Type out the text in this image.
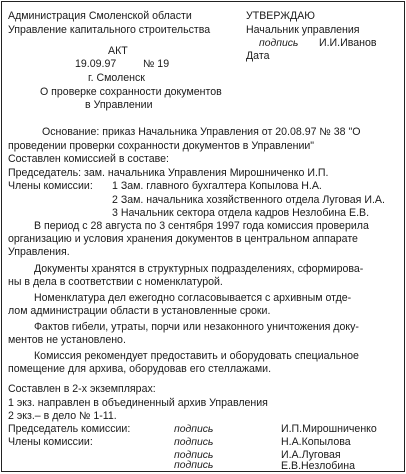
Администрация Смоленской области
Управление капитального строительства
УТВЕРЖДАЮ
Начальник управления
подпись И.И.Иванов
Дата
АКТ
19.09.97	№ 19
г. Смоленск
О проверке сохранности документов
в Управлении
Основание: приказ Начальника Управления от 20.08.97 № 38 "О
проведении проверки сохранности документов в Управлении"
Составлен комиссией в составе:
Председатель: зам. начальника Управления Мирошниченко И.П.
Члены комиссии: 1 Зам. главного бухгалтера Копылова Н.А.
2 Зам. начальника хозяйственного отдела Луговая И.А.
3 Начальник сектора отдела кадров Незлобина Е.В.
В период с 28 августа по 3 сентября 1997 года комиссия проверила
организацию и условия хранения документов в центральном аппарате
Управления.
Документы хранятся в структурных подразделениях, сформирова-
ны в дела в соответствии с номенклатурой.
Номенклатура дел ежегодно согласовывается с архивным отде-
лом администрации области в установленные сроки.
Фактов гибели, утраты, порчи или незаконного уничтожения доку-
ментов не установлено.
Комиссия рекомендует предоставить и оборудовать специальное
помещение для архива, оборудовав его стеллажами.
Составлен в 2-х экземплярах:
1 экз. направлен в объединенный архив Управления
2 экз.– в дело № 1-11.
Председатель комиссии:	подпись	И.П.Мирошниченко
Члены комиссии:	подпись	Н.А.Копылова
подпись	И.А.Луговая
подпись	Е.В.Незлобина
